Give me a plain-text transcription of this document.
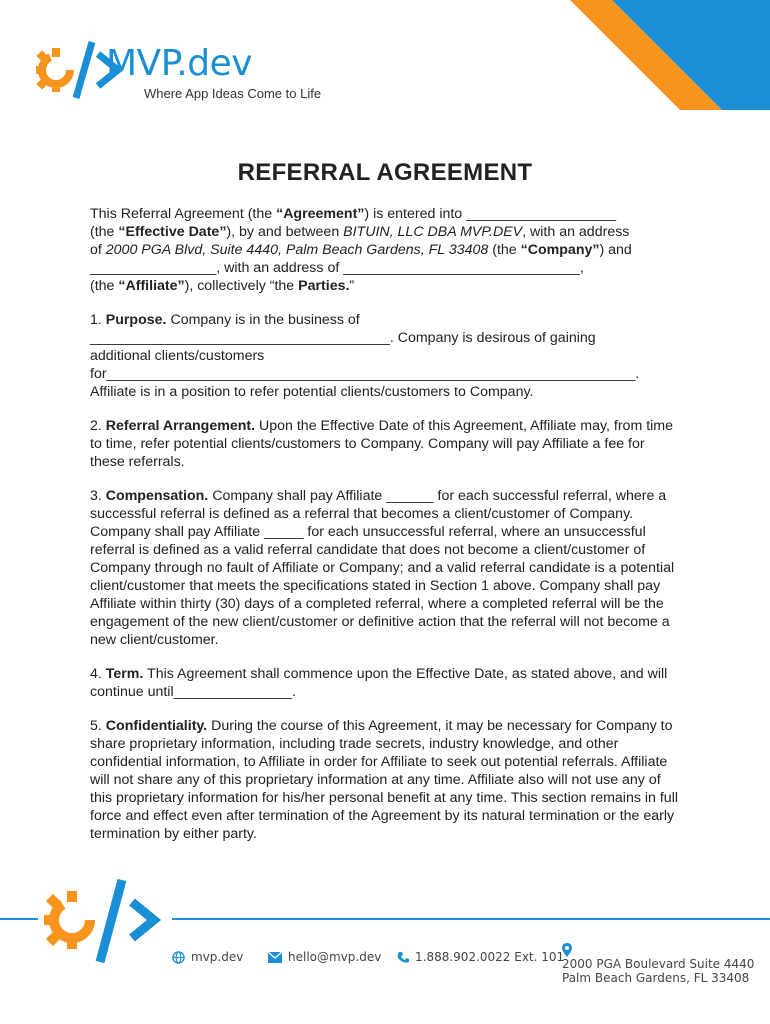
MVP.dev
Where App Ideas Come to Life
REFERRAL AGREEMENT

This Referral Agreement (the “Agreement”) is entered into ___________________
(the “Effective Date”), by and between BITUIN, LLC DBA MVP.DEV, with an address
of 2000 PGA Blvd, Suite 4440, Palm Beach Gardens, FL 33408 (the “Company”) and
________________, with an address of ______________________________,
(the “Affiliate”), collectively “the Parties.”

1. Purpose. Company is in the business of
______________________________________. Company is desirous of gaining
additional clients/customers
for___________________________________________________________________.
Affiliate is in a position to refer potential clients/customers to Company.

2. Referral Arrangement. Upon the Effective Date of this Agreement, Affiliate may, from time to time, refer potential clients/customers to Company. Company will pay Affiliate a fee for these referrals.

3. Compensation. Company shall pay Affiliate ______ for each successful referral, where a successful referral is defined as a referral that becomes a client/customer of Company. Company shall pay Affiliate _____ for each unsuccessful referral, where an unsuccessful referral is defined as a valid referral candidate that does not become a client/customer of Company through no fault of Affiliate or Company; and a valid referral candidate is a potential client/customer that meets the specifications stated in Section 1 above. Company shall pay Affiliate within thirty (30) days of a completed referral, where a completed referral will be the engagement of the new client/customer or definitive action that the referral will not become a new client/customer.

4. Term. This Agreement shall commence upon the Effective Date, as stated above, and will continue until_______________.

5. Confidentiality. During the course of this Agreement, it may be necessary for Company to share proprietary information, including trade secrets, industry knowledge, and other confidential information, to Affiliate in order for Affiliate to seek out potential referrals. Affiliate will not share any of this proprietary information at any time. Affiliate also will not use any of this proprietary information for his/her personal benefit at any time. This section remains in full force and effect even after termination of the Agreement by its natural termination or the early termination by either party.

mvp.dev	hello@mvp.dev	1.888.902.0022 Ext. 101
2000 PGA Boulevard Suite 4440
Palm Beach Gardens, FL 33408
